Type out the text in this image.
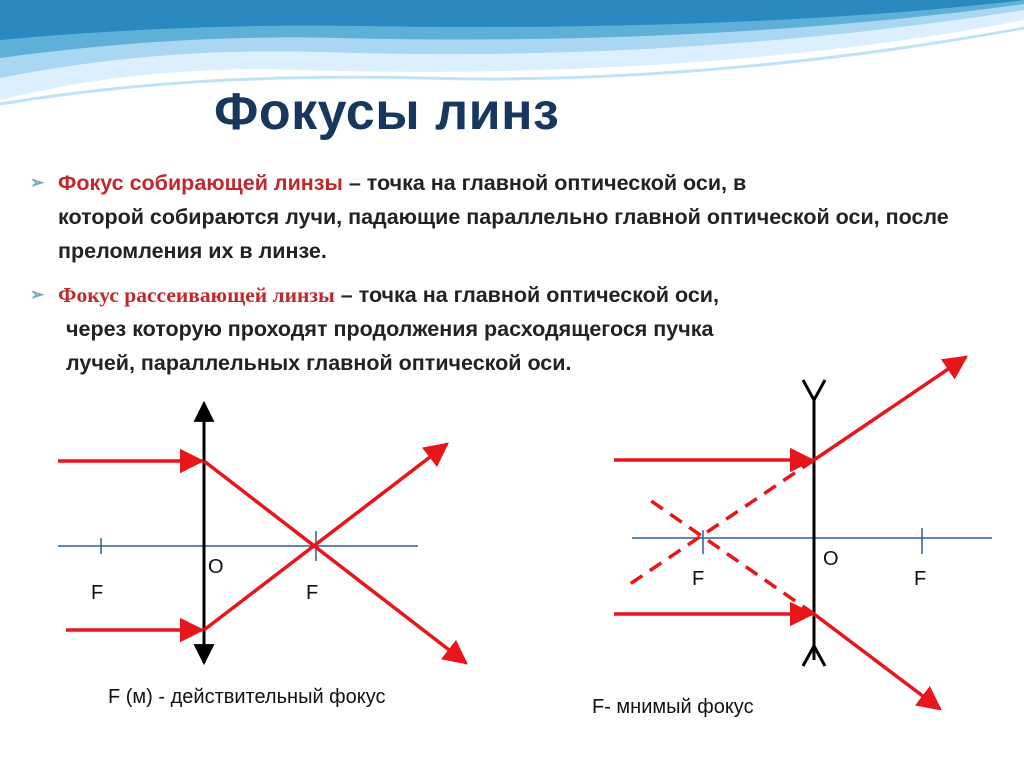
Фокусы линз
➢ Фокус собирающей линзы – точка на главной оптической оси, в
которой собираются лучи, падающие параллельно главной оптической оси, после преломления их в линзе.
➢ Фокус рассеивающей линзы – точка на главной оптической оси,
через которую проходят продолжения расходящегося пучка
лучей, параллельных главной оптической оси.

F

O

F

F (м) - действительный фокус

F

O

F

F- мнимый фокус
